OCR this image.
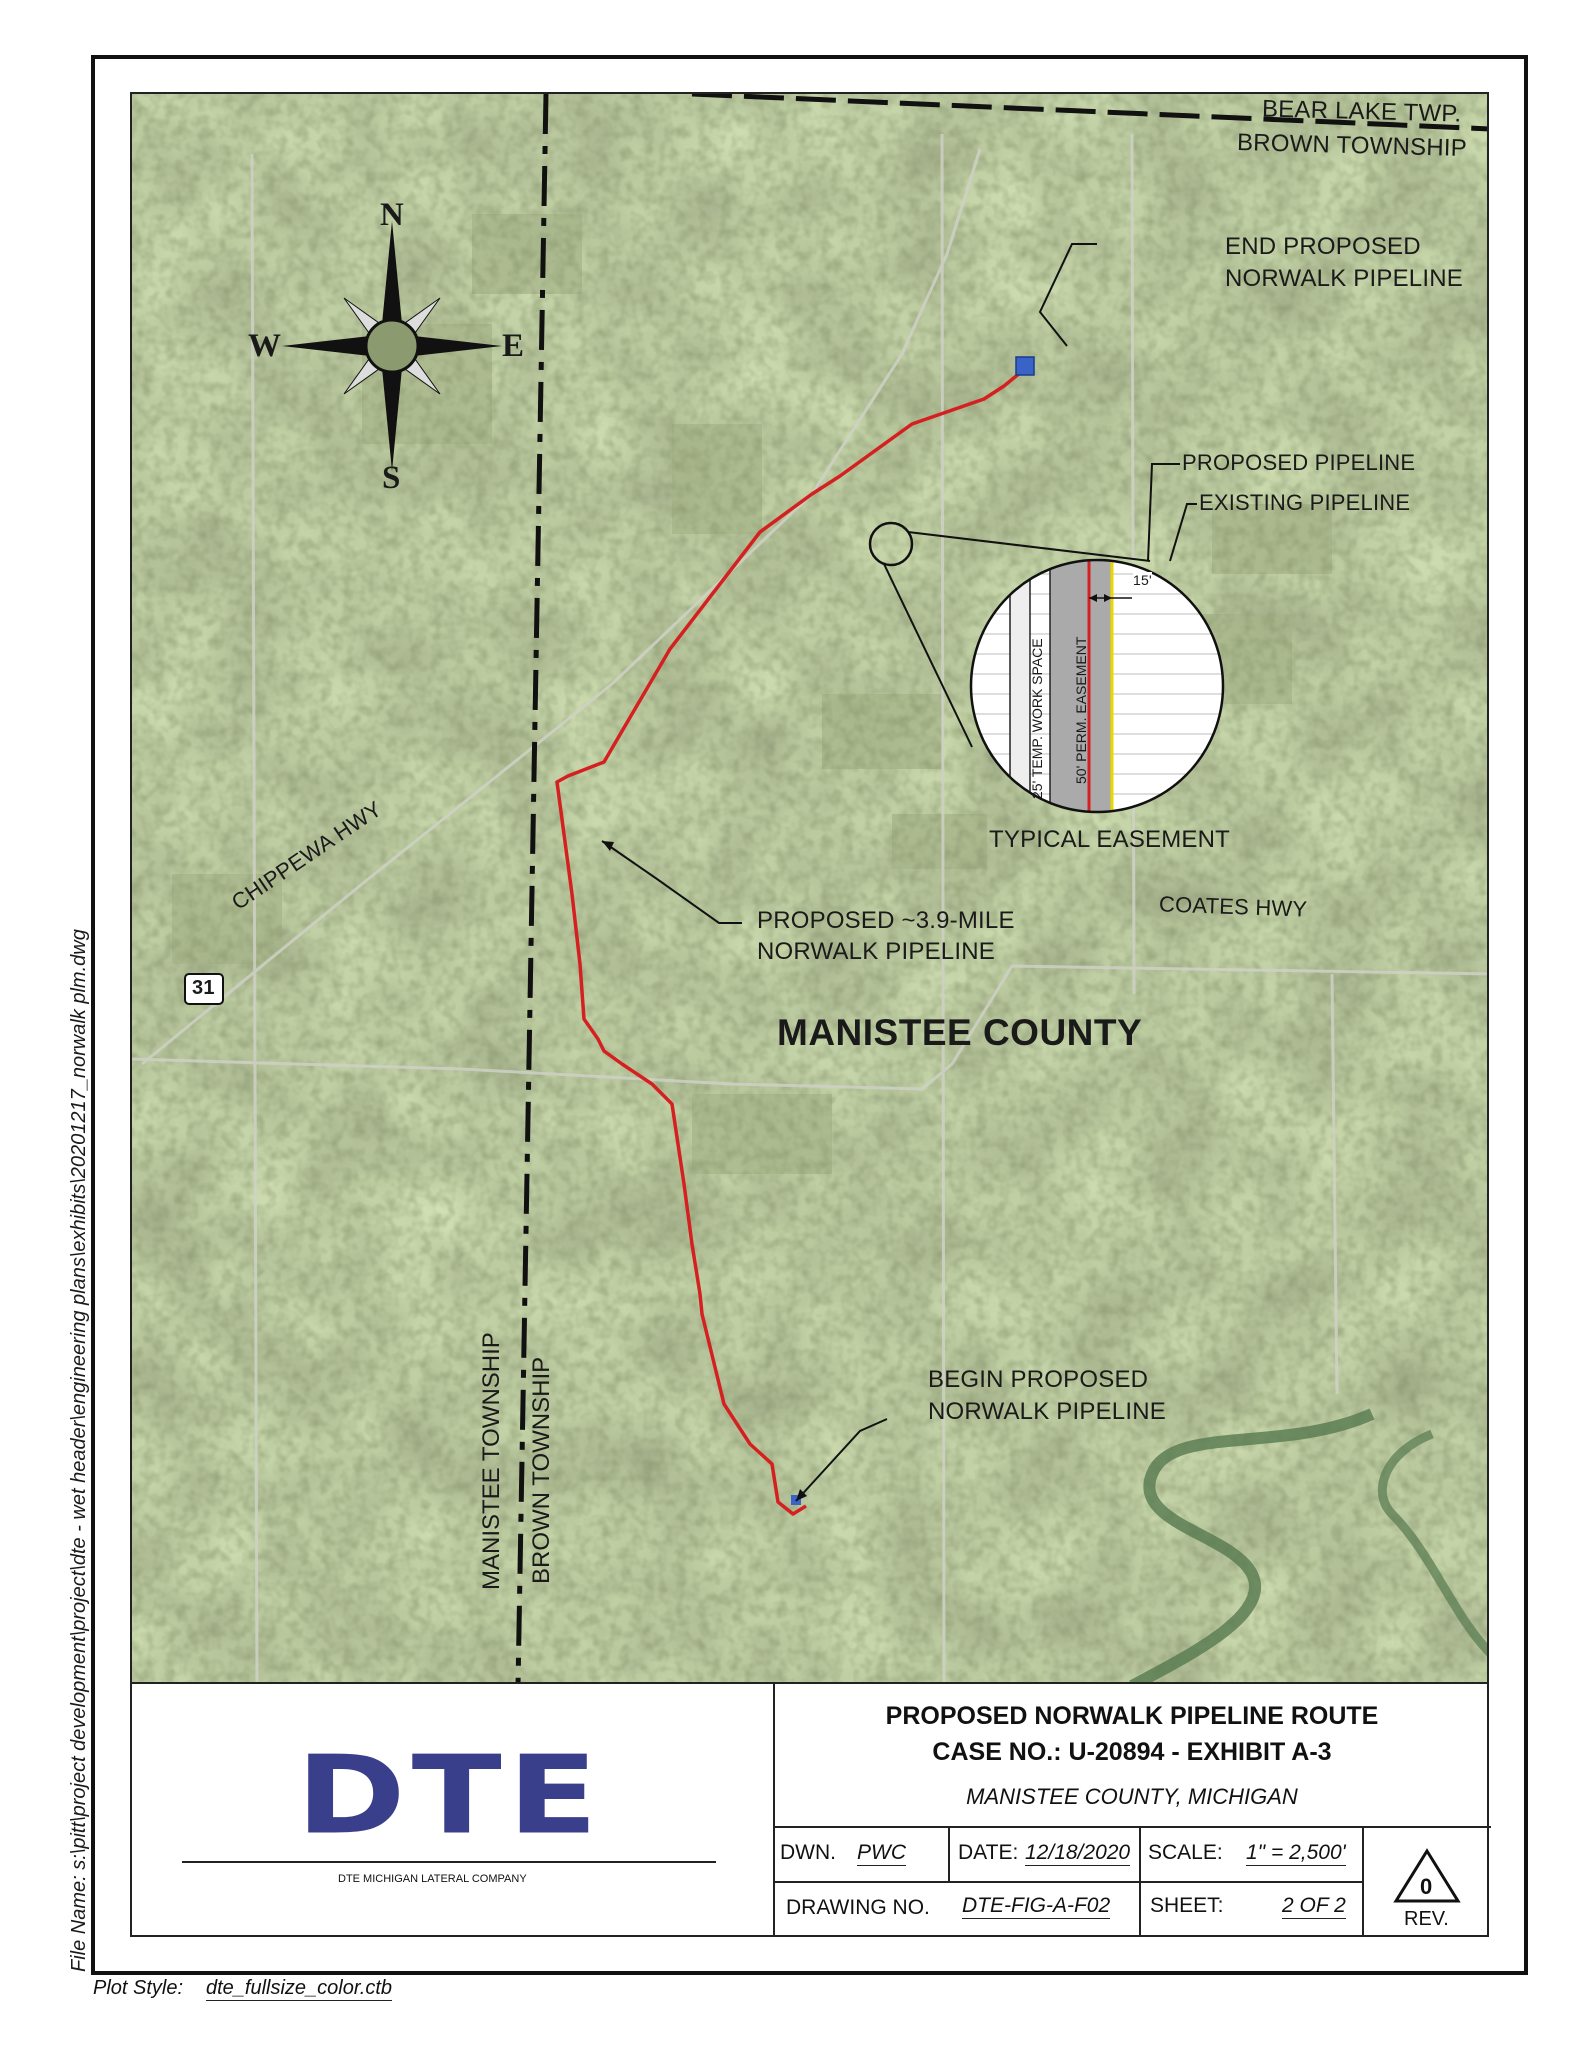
N
S
E
W
BEAR LAKE TWP.
BROWN TOWNSHIP
END PROPOSED
NORWALK PIPELINE
PROPOSED PIPELINE
EXISTING PIPELINE
15'
25' TEMP. WORK SPACE 50' PERM. EASEMENT
TYPICAL EASEMENT
PROPOSED ~3.9-MILE
NORWALK PIPELINE
COATES HWY
CHIPPEWA HWY
31
MANISTEE COUNTY
BEGIN PROPOSED
NORWALK PIPELINE
MANISTEE TOWNSHIP BROWN TOWNSHIP
DTE
DTE MICHIGAN LATERAL COMPANY
PROPOSED NORWALK PIPELINE ROUTE
CASE NO.: U-20894 - EXHIBIT A-3
MANISTEE COUNTY, MICHIGAN
DWN. PWC DATE: 12/18/2020 SCALE: 1" = 2,500'
DRAWING NO. DTE-FIG-A-F02 SHEET:	2 OF 2
0
REV.
File Name: s:\pitt\project development\project\dte - wet header\engineering plans\exhibits\20201217_norwalk plm.dwg
Plot Style: dte_fullsize_color.ctb
